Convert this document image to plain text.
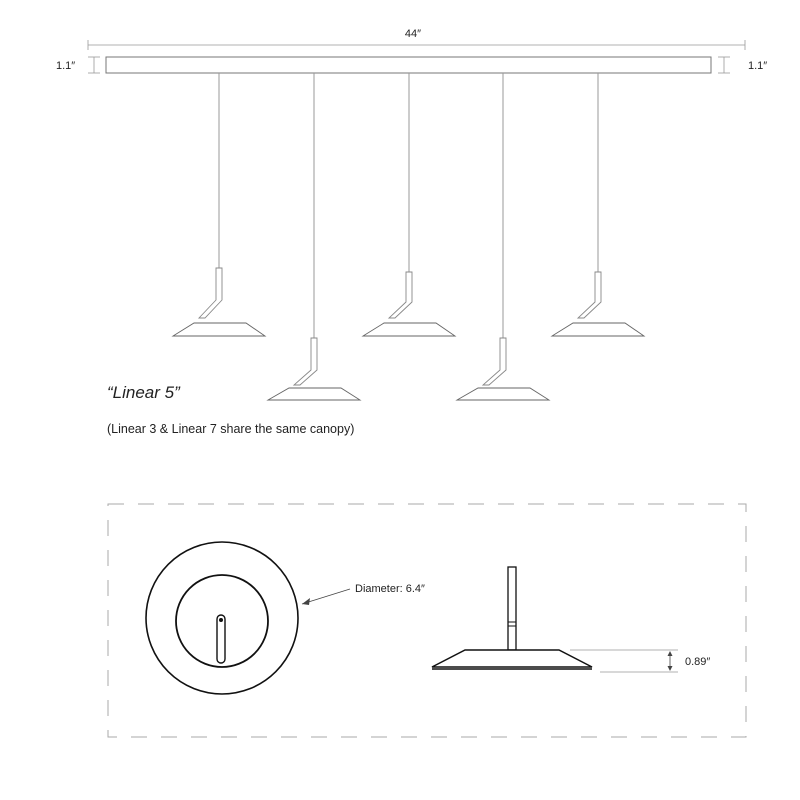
44″
1.1″	1.1″
“Linear 5”
(Linear 3 & Linear 7 share the same canopy)
Diameter: 6.4″
0.89″
